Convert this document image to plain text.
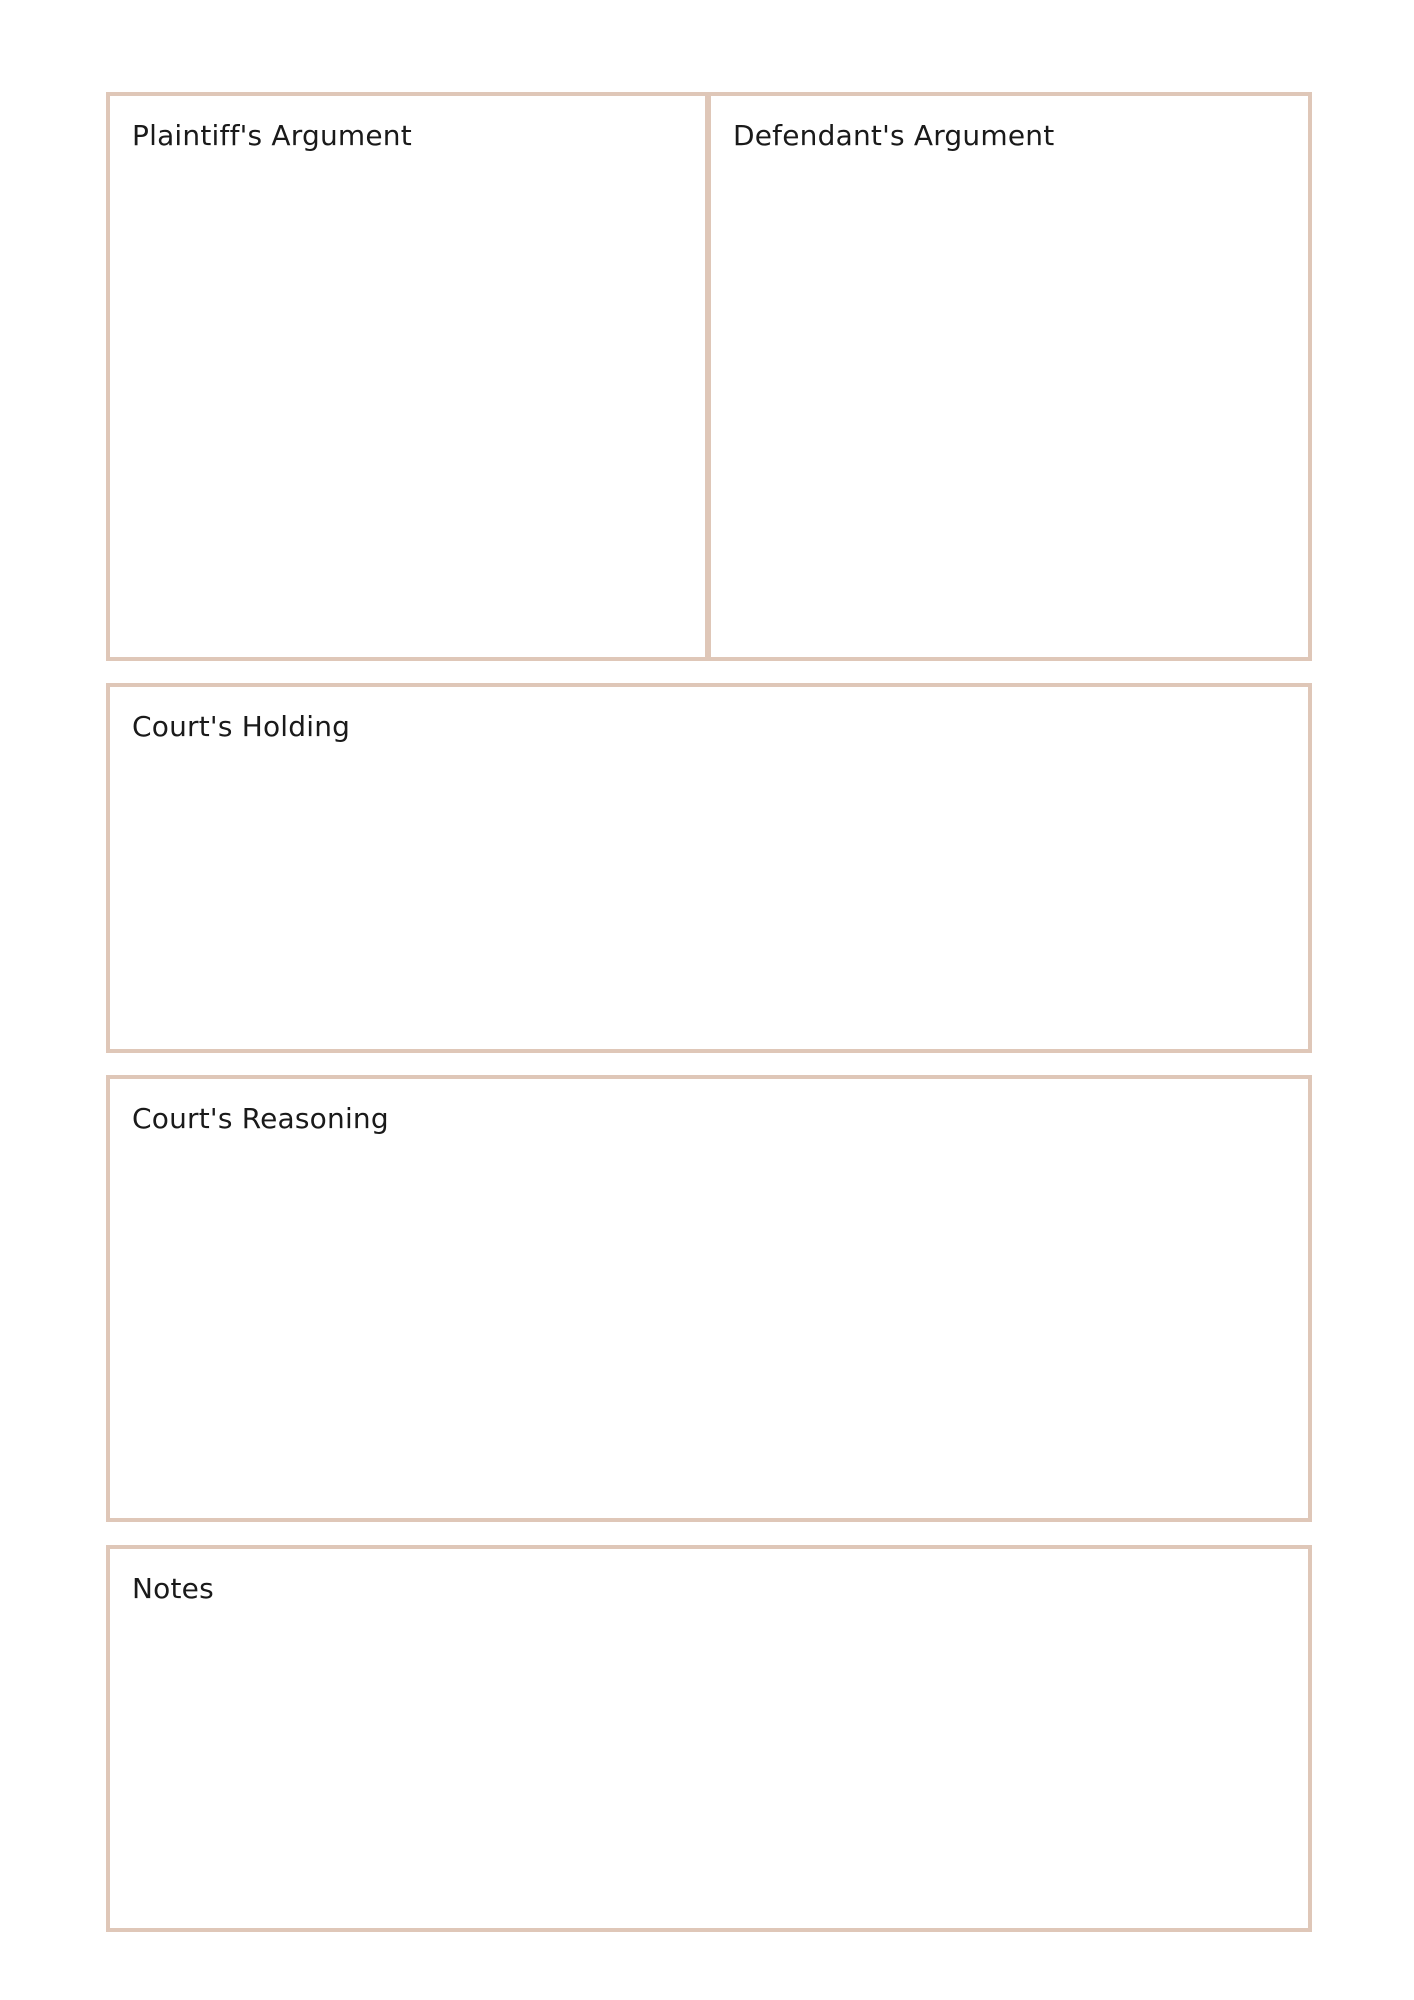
Plaintiff's Argument	Defendant's Argument
Court's Holding
Court's Reasoning
Notes
